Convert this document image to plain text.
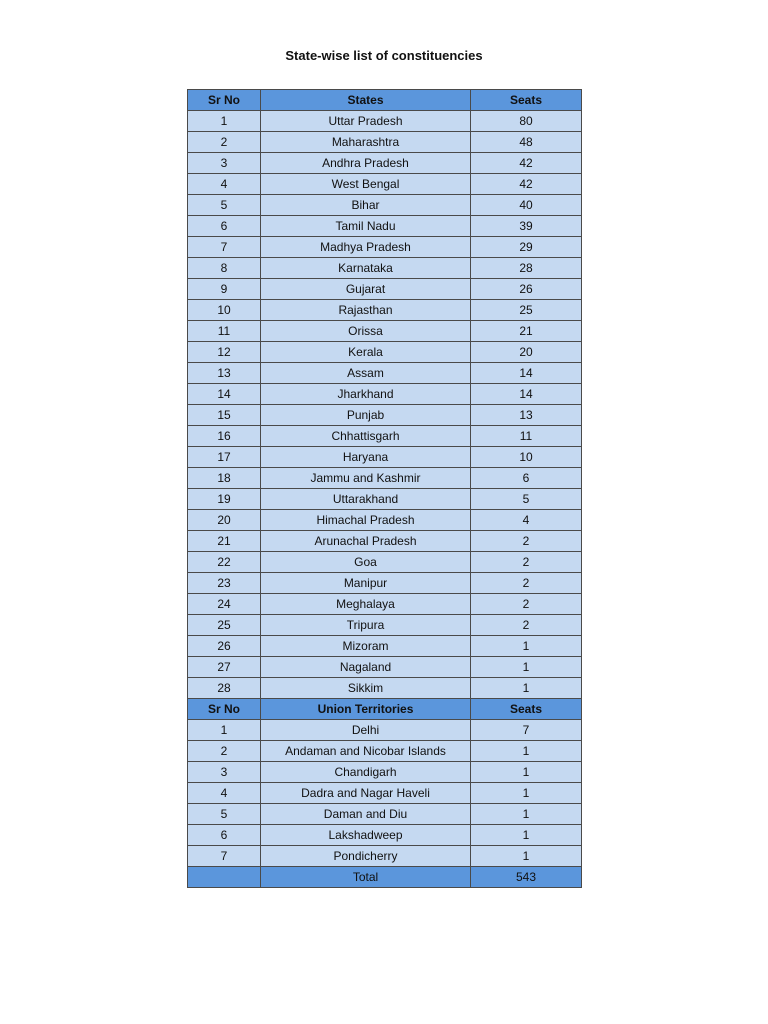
State-wise list of constituencies
Sr No	States	Seats
1	Uttar Pradesh	80
2	Maharashtra	48
3	Andhra Pradesh	42
4	West Bengal	42
5	Bihar	40
6	Tamil Nadu	39
7	Madhya Pradesh	29
8	Karnataka	28
9	Gujarat	26
10	Rajasthan	25
11	Orissa	21
12	Kerala	20
13	Assam	14
14	Jharkhand	14
15	Punjab	13
16	Chhattisgarh	11
17	Haryana	10
18	Jammu and Kashmir	6
19	Uttarakhand	5
20	Himachal Pradesh	4
21	Arunachal Pradesh	2
22	Goa	2
23	Manipur	2
24	Meghalaya	2
25	Tripura	2
26	Mizoram	1
27	Nagaland	1
28	Sikkim	1
Sr No	Union Territories	Seats
1	Delhi	7
2	Andaman and Nicobar Islands	1
3	Chandigarh	1
4	Dadra and Nagar Haveli	1
5	Daman and Diu	1
6	Lakshadweep	1
7	Pondicherry	1
	Total	543
